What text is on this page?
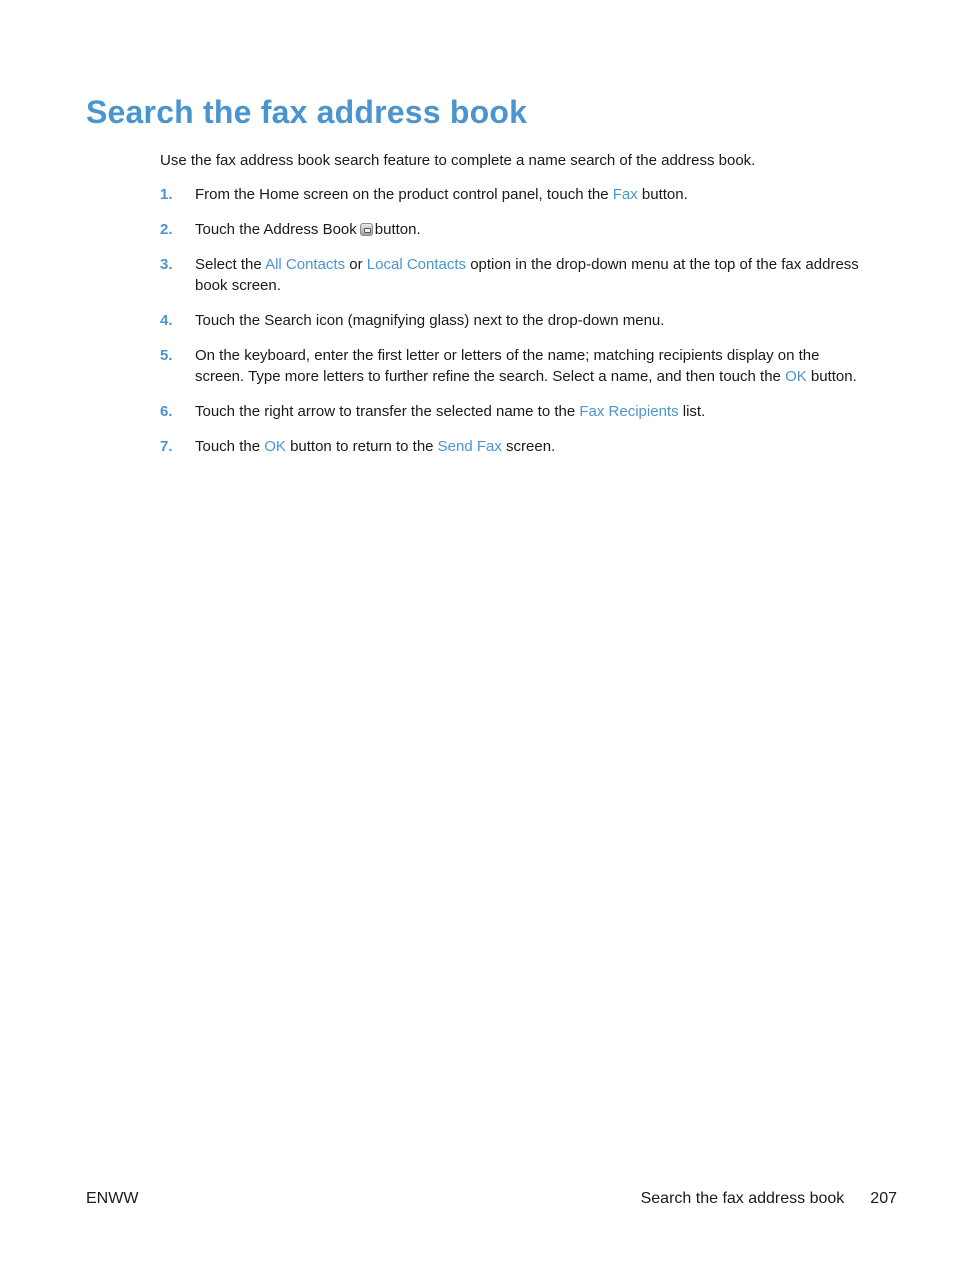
Search the fax address book

Use the fax address book search feature to complete a name search of the address book.

1. From the Home screen on the product control panel, touch the Fax button.
2. Touch the Address Book button.
3. Select the All Contacts or Local Contacts option in the drop-down menu at the top of the fax address book screen.
4. Touch the Search icon (magnifying glass) next to the drop-down menu.
5. On the keyboard, enter the first letter or letters of the name; matching recipients display on the screen. Type more letters to further refine the search. Select a name, and then touch the OK button.
6. Touch the right arrow to transfer the selected name to the Fax Recipients list.
7. Touch the OK button to return to the Send Fax screen.
ENWW	Search the fax address book 207
